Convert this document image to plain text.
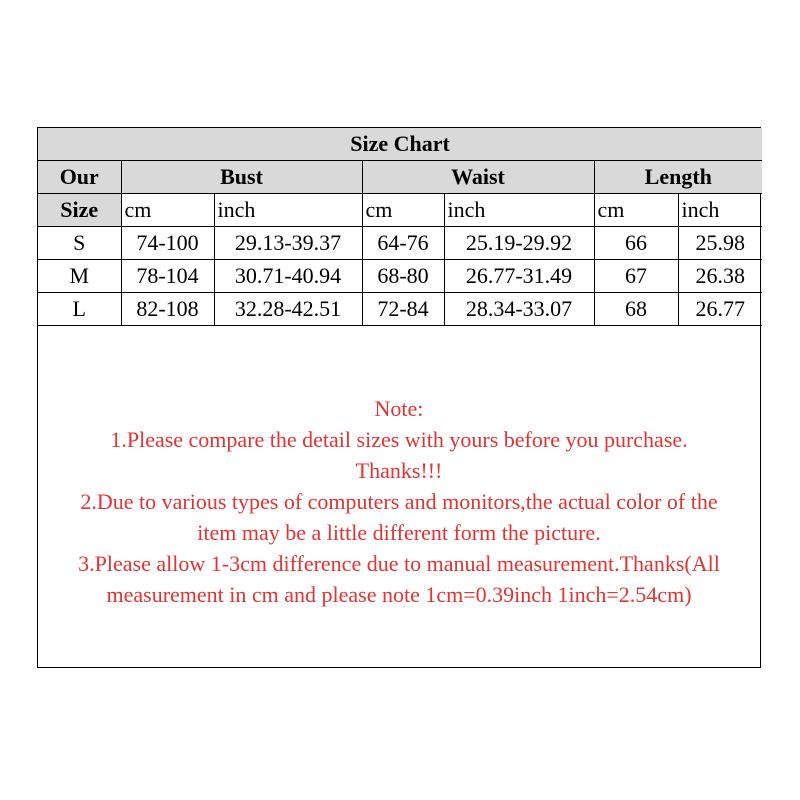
Size Chart						
Our	Bust		Waist		Length	
Size	cm	inch	cm	inch	cm	inch
S	74-100	29.13-39.37	64-76	25.19-29.92	66	25.98
M	78-104	30.71-40.94	68-80	26.77-31.49	67	26.38
L	82-108	32.28-42.51	72-84	28.34-33.07	68	26.77
Note:
1.Please compare the detail sizes with yours before you purchase.
Thanks!!!
2.Due to various types of computers and monitors,the actual color of the
item may be a little different form the picture.
3.Please allow 1-3cm difference due to manual measurement.Thanks(All
measurement in cm and please note 1cm=0.39inch 1inch=2.54cm)
